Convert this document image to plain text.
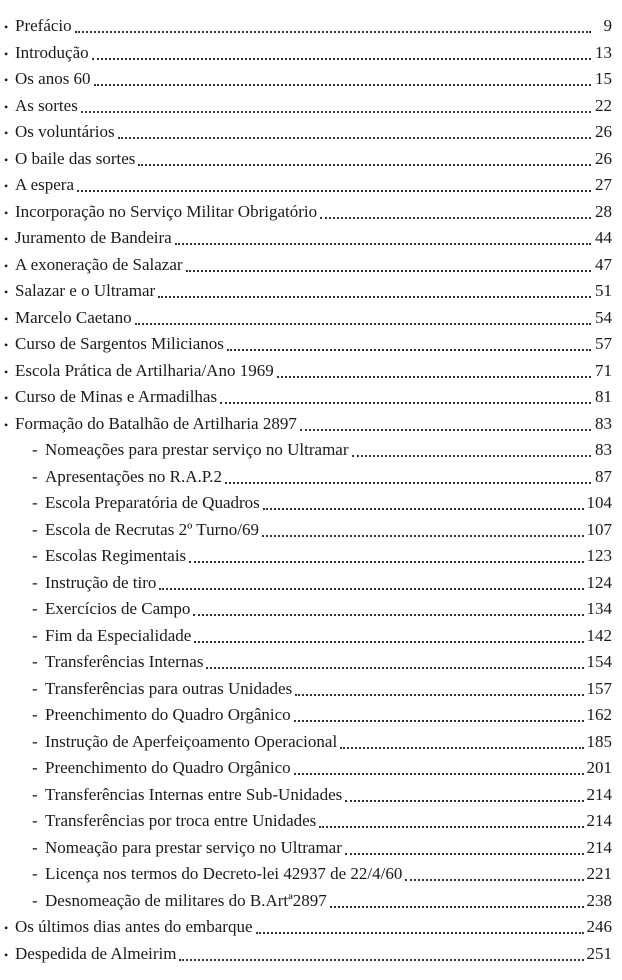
• Prefácio	9
• Introdução	13
• Os anos 60	15
• As sortes	22
• Os voluntários	26
• O baile das sortes	26
• A espera	27
• Incorporação no Serviço Militar Obrigatório	28
• Juramento de Bandeira	44
• A exoneração de Salazar	47
• Salazar e o Ultramar	51
• Marcelo Caetano	54
• Curso de Sargentos Milicianos	57
• Escola Prática de Artilharia/Ano 1969	71
• Curso de Minas e Armadilhas	81
• Formação do Batalhão de Artilharia 2897	83
- Nomeações para prestar serviço no Ultramar	83
- Apresentações no R.A.P.2	87
- Escola Preparatória de Quadros	104
- Escola de Recrutas 2º Turno/69	107
- Escolas Regimentais	123
- Instrução de tiro	124
- Exercícios de Campo	134
- Fim da Especialidade	142
- Transferências Internas	154
- Transferências para outras Unidades	157
- Preenchimento do Quadro Orgânico	162
- Instrução de Aperfeiçoamento Operacional	185
- Preenchimento do Quadro Orgânico	201
- Transferências Internas entre Sub-Unidades	214
- Transferências por troca entre Unidades	214
- Nomeação para prestar serviço no Ultramar	214
- Licença nos termos do Decreto-lei 42937 de 22/4/60	221
- Desnomeação de militares do B.Artª2897	238
• Os últimos dias antes do embarque	246
• Despedida de Almeirim	251
